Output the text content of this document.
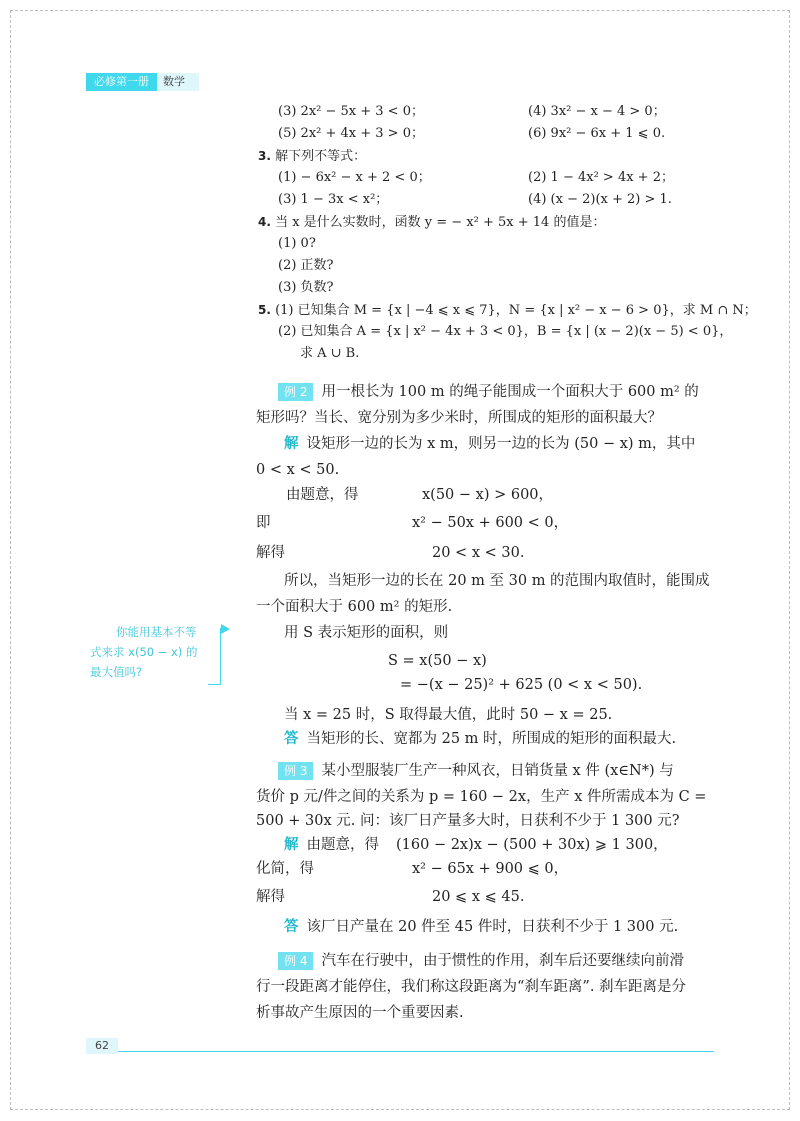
必修第一册	数学
(3) 2x² − 5x + 3 < 0；	(4) 3x² − x − 4 > 0；
(5) 2x² + 4x + 3 > 0；	(6) 9x² − 6x + 1 ⩽ 0.
3. 解下列不等式：
(1) − 6x² − x + 2 < 0；	(2) 1 − 4x² > 4x + 2；
(3) 1 − 3x < x²；	(4) (x − 2)(x + 2) > 1.
4. 当 x 是什么实数时，函数 y = − x² + 5x + 14 的值是：
(1) 0?
(2) 正数?
(3) 负数?
5. (1) 已知集合 M = {x | −4 ⩽ x ⩽ 7}，N = {x | x² − x − 6 > 0}，求 M ∩ N；
(2) 已知集合 A = {x | x² − 4x + 3 < 0}，B = {x | (x − 2)(x − 5) < 0}，
求 A ∪ B.
例 2 用一根长为 100 m 的绳子能围成一个面积大于 600 m² 的
矩形吗？当长、宽分别为多少米时，所围成的矩形的面积最大？
解 设矩形一边的长为 x m，则另一边的长为 (50 − x) m，其中
0 < x < 50.
由题意，得	x(50 − x) > 600，
即	x² − 50x + 600 < 0，
解得	20 < x < 30.
所以，当矩形一边的长在 20 m 至 30 m 的范围内取值时，能围成
一个面积大于 600 m² 的矩形.
用 S 表示矩形的面积，则
S = x(50 − x)
= −(x − 25)² + 625 (0 < x < 50).
当 x = 25 时，S 取得最大值，此时 50 − x = 25.
答 当矩形的长、宽都为 25 m 时，所围成的矩形的面积最大.
你能用基本不等
式来求 x(50 − x) 的
最大值吗?
例 3 某小型服装厂生产一种风衣，日销货量 x 件 (x∈N*) 与
货价 p 元/件之间的关系为 p = 160 − 2x，生产 x 件所需成本为 C =
500 + 30x 元. 问：该厂日产量多大时，日获利不少于 1 300 元?
解 由题意，得 (160 − 2x)x − (500 + 30x) ⩾ 1 300，
化简，得	x² − 65x + 900 ⩽ 0，
解得	20 ⩽ x ⩽ 45.
答 该厂日产量在 20 件至 45 件时，日获利不少于 1 300 元.
例 4 汽车在行驶中，由于惯性的作用，刹车后还要继续向前滑
行一段距离才能停住，我们称这段距离为“刹车距离”. 刹车距离是分
析事故产生原因的一个重要因素.
62
